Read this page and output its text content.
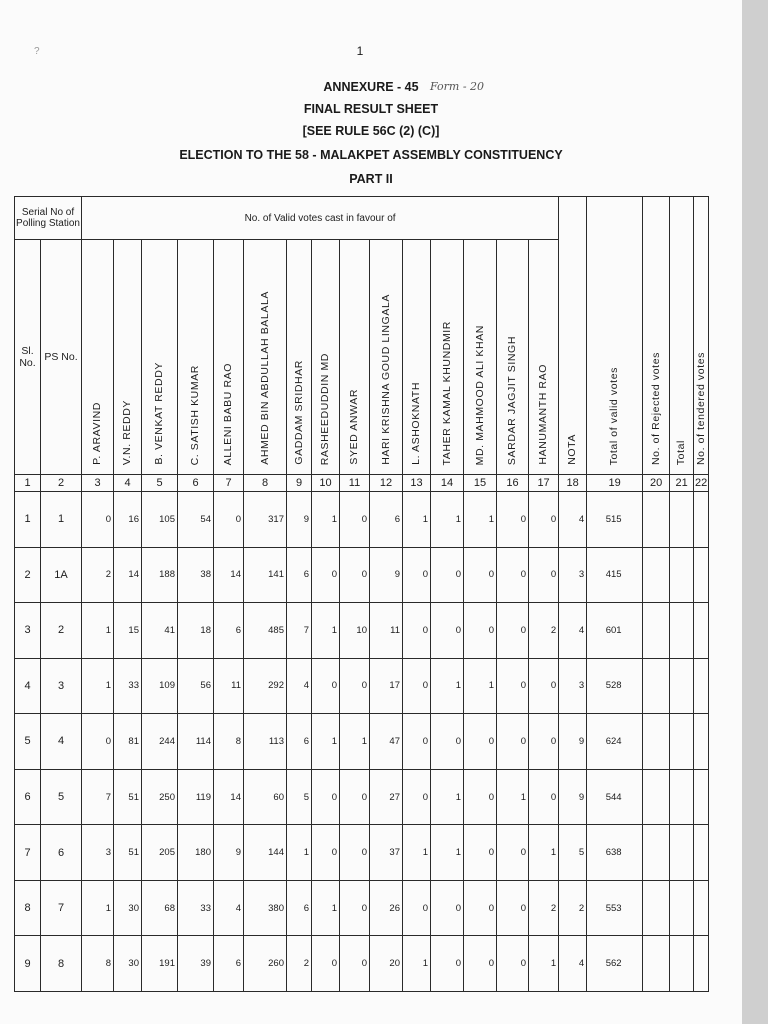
?	1
ANNEXURE - 45	Form - 20
FINAL RESULT SHEET
[SEE RULE 56C (2) (C)]
ELECTION TO THE 58 - MALAKPET ASSEMBLY CONSTITUENCY
PART II
Serial No of Polling Station		No. of Valid votes cast in favour of															NOTA	Total of valid votes	No. of Rejected votes	Total	No. of tendered votes
Sl. No.	PS No.	P. ARAVIND	V.N. REDDY	B. VENKAT REDDY	C. SATISH KUMAR	ALLENI BABU RAO	AHMED BIN ABDULLAH BALALA	GADDAM SRIDHAR	RASHEEDUDDIN MD	SYED ANWAR	HARI KRISHNA GOUD LINGALA	L. ASHOKNATH	TAHER KAMAL KHUNDMIR	MD. MAHMOOD ALI KHAN	SARDAR JAGJIT SINGH	HANUMANTH RAO					
1	2	3	4	5	6	7	8	9	10	11	12	13	14	15	16	17	18	19	20	21	22
1	1	0	16	105	54	0	317	9	1	0	6	1	1	1	0	0	4	515			
2	1A	2	14	188	38	14	141	6	0	0	9	0	0	0	0	0	3	415			
3	2	1	15	41	18	6	485	7	1	10	11	0	0	0	0	2	4	601			
4	3	1	33	109	56	11	292	4	0	0	17	0	1	1	0	0	3	528			
5	4	0	81	244	114	8	113	6	1	1	47	0	0	0	0	0	9	624			
6	5	7	51	250	119	14	60	5	0	0	27	0	1	0	1	0	9	544			
7	6	3	51	205	180	9	144	1	0	0	37	1	1	0	0	1	5	638			
8	7	1	30	68	33	4	380	6	1	0	26	0	0	0	0	2	2	553			
9	8	8	30	191	39	6	260	2	0	0	20	1	0	0	0	1	4	562			
